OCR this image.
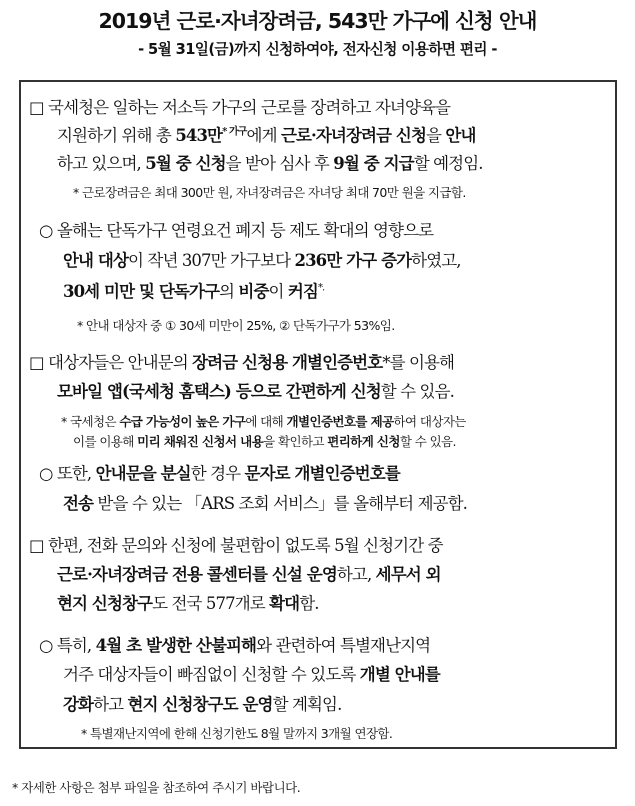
2019년 근로·자녀장려금, 543만 가구에 신청 안내
- 5월 31일(금)까지 신청하여야, 전자신청 이용하면 편리 -
□ 국세청은 일하는 저소득 가구의 근로를 장려하고 자녀양육을
지원하기 위해 총 543만$^{* 가구}$에게 근로·자녀장려금 신청을 안내
하고 있으며, 5월 중 신청을 받아 심사 후 9월 중 지급할 예정임.
* 근로장려금은 최대 300만 원, 자녀장려금은 자녀당 최대 70만 원을 지급함.
○ 올해는 단독가구 연령요건 폐지 등 제도 확대의 영향으로
안내 대상이 작년 307만 가구보다 236만 가구 증가하였고,
30세 미만 및 단독가구의 비중이 커짐*.
* 안내 대상자 중 ① 30세 미만이 25%, ② 단독가구가 53%임.
□ 대상자들은 안내문의 장려금 신청용 개별인증번호*를 이용해
모바일 앱(국세청 홈택스) 등으로 간편하게 신청할 수 있음.
* 국세청은 수급 가능성이 높은 가구에 대해 개별인증번호를 제공하여 대상자는
이를 이용해 미리 채워진 신청서 내용을 확인하고 편리하게 신청할 수 있음.
○ 또한, 안내문을 분실한 경우 문자로 개별인증번호를
전송 받을 수 있는 「ARS 조회 서비스」를 올해부터 제공함.
□ 한편, 전화 문의와 신청에 불편함이 없도록 5월 신청기간 중
근로·자녀장려금 전용 콜센터를 신설 운영하고, 세무서 외
현지 신청창구도 전국 577개로 확대함.
○ 특히, 4월 초 발생한 산불피해와 관련하여 특별재난지역
거주 대상자들이 빠짐없이 신청할 수 있도록 개별 안내를
강화하고 현지 신청창구도 운영할 계획임.
* 특별재난지역에 한해 신청기한도 8월 말까지 3개월 연장함.
* 자세한 사항은 첨부 파일을 참조하여 주시기 바랍니다.
